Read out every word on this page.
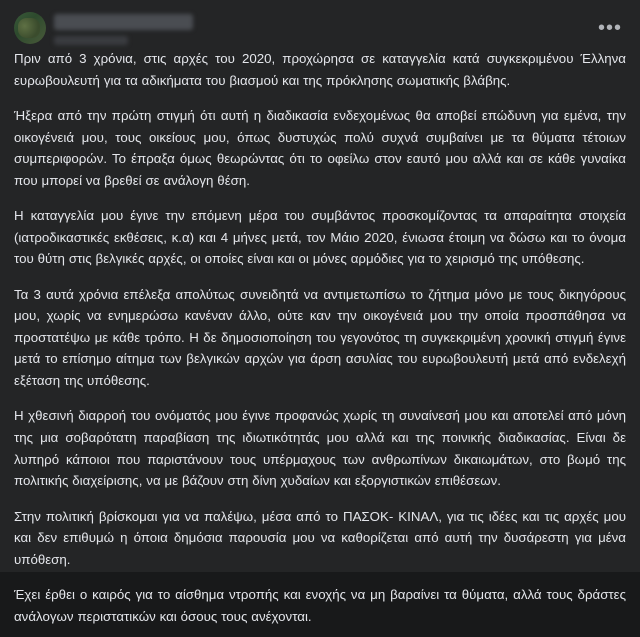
Μαρία Κουφοπούλου	•••

Πριν από 3 χρόνια, στις αρχές του 2020, προχώρησα σε καταγγελία κατά συγκεκριμένου Έλληνα ευρωβουλευτή για τα αδικήματα του βιασμού και της πρόκλησης σωματικής βλάβης.

Ήξερα από την πρώτη στιγμή ότι αυτή η διαδικασία ενδεχομένως θα αποβεί επώδυνη για εμένα, την οικογένειά μου, τους οικείους μου, όπως δυστυχώς πολύ συχνά συμβαίνει με τα θύματα τέτοιων συμπεριφορών. Το έπραξα όμως θεωρώντας ότι το οφείλω στον εαυτό μου αλλά και σε κάθε γυναίκα που μπορεί να βρεθεί σε ανάλογη θέση.

Η καταγγελία μου έγινε την επόμενη μέρα του συμβάντος προσκομίζοντας τα απαραίτητα στοιχεία (ιατροδικαστικές εκθέσεις, κ.α) και 4 μήνες μετά, τον Μάιο 2020, ένιωσα έτοιμη να δώσω και το όνομα του θύτη στις βελγικές αρχές, οι οποίες είναι και οι μόνες αρμόδιες για το χειρισμό της υπόθεσης.

Τα 3 αυτά χρόνια επέλεξα απολύτως συνειδητά να αντιμετωπίσω το ζήτημα μόνο με τους δικηγόρους μου, χωρίς να ενημερώσω κανέναν άλλο, ούτε καν την οικογένειά μου την οποία προσπάθησα να προστατέψω με κάθε τρόπο. Η δε δημοσιοποίηση του γεγονότος τη συγκεκριμένη χρονική στιγμή έγινε μετά το επίσημο αίτημα των βελγικών αρχών για άρση ασυλίας του ευρωβουλευτή μετά από ενδελεχή εξέταση της υπόθεσης.

Η χθεσινή διαρροή του ονόματός μου έγινε προφανώς χωρίς τη συναίνεσή μου και αποτελεί από μόνη της μια σοβαρότατη παραβίαση της ιδιωτικότητάς μου αλλά και της ποινικής διαδικασίας. Είναι δε λυπηρό κάποιοι που παριστάνουν τους υπέρμαχους των ανθρωπίνων δικαιωμάτων, στο βωμό της πολιτικής διαχείρισης, να με βάζουν στη δίνη χυδαίων και εξοργιστικών επιθέσεων.

Στην πολιτική βρίσκομαι για να παλέψω, μέσα από το ΠΑΣΟΚ- ΚΙΝΑΛ, για τις ιδέες και τις αρχές μου και δεν επιθυμώ η όποια δημόσια παρουσία μου να καθορίζεται από αυτή την δυσάρεστη για μένα υπόθεση.

Έχει έρθει ο καιρός για το αίσθημα ντροπής και ενοχής να μη βαραίνει τα θύματα, αλλά τους δράστες ανάλογων περιστατικών και όσους τους ανέχονται.
